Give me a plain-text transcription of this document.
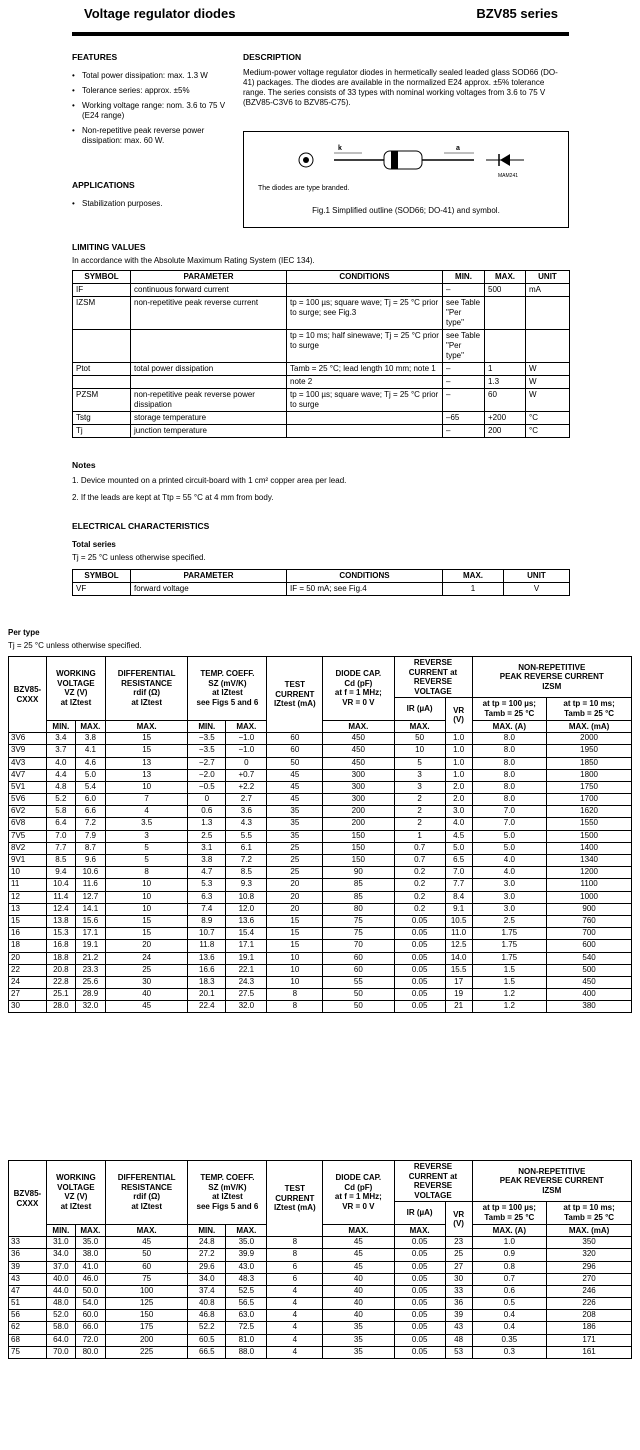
Voltage regulator diodes	BZV85 series
FEATURES
• Total power dissipation: max. 1.3 W
• Tolerance series: approx. ±5%
• Working voltage range: nom. 3.6 to 75 V (E24 range)
• Non-repetitive peak reverse power dissipation: max. 60 W.
APPLICATIONS
• Stabilization purposes.
DESCRIPTION
Medium-power voltage regulator diodes in hermetically sealed leaded glass SOD66 (DO-41) packages. The diodes are available in the normalized E24 approx. ±5% tolerance range. The series consists of 33 types with nominal working voltages from 3.6 to 75 V (BZV85-C3V6 to BZV85-C75).
k	a
MAM241
The diodes are type branded.
Fig.1 Simplified outline (SOD66; DO-41) and symbol.
LIMITING VALUES
In accordance with the Absolute Maximum Rating System (IEC 134).
SYMBOL	PARAMETER	CONDITIONS	MIN.	MAX.	UNIT
IF	continuous forward current		–	500	mA
IZSM	non-repetitive peak reverse current	tp = 100 µs; square wave; Tj = 25 °C prior to surge; see Fig.3	see Table "Per type"		
		tp = 10 ms; half sinewave; Tj = 25 °C prior to surge	see Table "Per type"		
Ptot	total power dissipation	Tamb = 25 °C; lead length 10 mm; note 1	–	1	W
		note 2	–	1.3	W
PZSM	non-repetitive peak reverse power dissipation	tp = 100 µs; square wave; Tj = 25 °C prior to surge	–	60	W
Tstg	storage temperature		–65	+200	°C
Tj	junction temperature		–	200	°C
Notes
1. Device mounted on a printed circuit-board with 1 cm² copper area per lead.
2. If the leads are kept at Ttp = 55 °C at 4 mm from body.
ELECTRICAL CHARACTERISTICS
Total series
Tj = 25 °C unless otherwise specified.
SYMBOL	PARAMETER	CONDITIONS	MAX.	UNIT
VF	forward voltage	IF = 50 mA; see Fig.4	1	V
Per type
Tj = 25 °C unless otherwise specified.
BZV85-
CXXX	WORKING
VOLTAGE
VZ (V)
at IZtest		DIFFERENTIAL
RESISTANCE
rdif (Ω)
at IZtest	TEMP. COEFF.
SZ (mV/K)
at IZtest
see Figs 5 and 6		TEST
CURRENT
IZtest (mA)	DIODE CAP.
Cd (pF)
at f = 1 MHz;
VR = 0 V	REVERSE
CURRENT at
REVERSE
VOLTAGE		NON-REPETITIVE
PEAK REVERSE CURRENT
IZSM	
								IR (µA)	VR
(V)	at tp = 100 µs;
Tamb = 25 °C	at tp = 10 ms;
Tamb = 25 °C
	MIN.	MAX.	MAX.	MIN.	MAX.		MAX.	MAX.		MAX. (A)	MAX. (mA)
3V6	3.4	3.8	15	−3.5	−1.0	60	450	50	1.0	8.0	2000
3V9	3.7	4.1	15	−3.5	−1.0	60	450	10	1.0	8.0	1950
4V3	4.0	4.6	13	−2.7	0	50	450	5	1.0	8.0	1850
4V7	4.4	5.0	13	−2.0	+0.7	45	300	3	1.0	8.0	1800
5V1	4.8	5.4	10	−0.5	+2.2	45	300	3	2.0	8.0	1750
5V6	5.2	6.0	7	0	2.7	45	300	2	2.0	8.0	1700
6V2	5.8	6.6	4	0.6	3.6	35	200	2	3.0	7.0	1620
6V8	6.4	7.2	3.5	1.3	4.3	35	200	2	4.0	7.0	1550
7V5	7.0	7.9	3	2.5	5.5	35	150	1	4.5	5.0	1500
8V2	7.7	8.7	5	3.1	6.1	25	150	0.7	5.0	5.0	1400
9V1	8.5	9.6	5	3.8	7.2	25	150	0.7	6.5	4.0	1340
10	9.4	10.6	8	4.7	8.5	25	90	0.2	7.0	4.0	1200
11	10.4	11.6	10	5.3	9.3	20	85	0.2	7.7	3.0	1100
12	11.4	12.7	10	6.3	10.8	20	85	0.2	8.4	3.0	1000
13	12.4	14.1	10	7.4	12.0	20	80	0.2	9.1	3.0	900
15	13.8	15.6	15	8.9	13.6	15	75	0.05	10.5	2.5	760
16	15.3	17.1	15	10.7	15.4	15	75	0.05	11.0	1.75	700
18	16.8	19.1	20	11.8	17.1	15	70	0.05	12.5	1.75	600
20	18.8	21.2	24	13.6	19.1	10	60	0.05	14.0	1.75	540
22	20.8	23.3	25	16.6	22.1	10	60	0.05	15.5	1.5	500
24	22.8	25.6	30	18.3	24.3	10	55	0.05	17	1.5	450
27	25.1	28.9	40	20.1	27.5	8	50	0.05	19	1.2	400
30	28.0	32.0	45	22.4	32.0	8	50	0.05	21	1.2	380
BZV85-
CXXX	WORKING
VOLTAGE
VZ (V)
at IZtest		DIFFERENTIAL
RESISTANCE
rdif (Ω)
at IZtest	TEMP. COEFF.
SZ (mV/K)
at IZtest
see Figs 5 and 6		TEST
CURRENT
IZtest (mA)	DIODE CAP.
Cd (pF)
at f = 1 MHz;
VR = 0 V	REVERSE
CURRENT at
REVERSE
VOLTAGE		NON-REPETITIVE
PEAK REVERSE CURRENT
IZSM	
								IR (µA)	VR
(V)	at tp = 100 µs;
Tamb = 25 °C	at tp = 10 ms;
Tamb = 25 °C
	MIN.	MAX.	MAX.	MIN.	MAX.		MAX.	MAX.		MAX. (A)	MAX. (mA)
33	31.0	35.0	45	24.8	35.0	8	45	0.05	23	1.0	350
36	34.0	38.0	50	27.2	39.9	8	45	0.05	25	0.9	320
39	37.0	41.0	60	29.6	43.0	6	45	0.05	27	0.8	296
43	40.0	46.0	75	34.0	48.3	6	40	0.05	30	0.7	270
47	44.0	50.0	100	37.4	52.5	4	40	0.05	33	0.6	246
51	48.0	54.0	125	40.8	56.5	4	40	0.05	36	0.5	226
56	52.0	60.0	150	46.8	63.0	4	40	0.05	39	0.4	208
62	58.0	66.0	175	52.2	72.5	4	35	0.05	43	0.4	186
68	64.0	72.0	200	60.5	81.0	4	35	0.05	48	0.35	171
75	70.0	80.0	225	66.5	88.0	4	35	0.05	53	0.3	161
